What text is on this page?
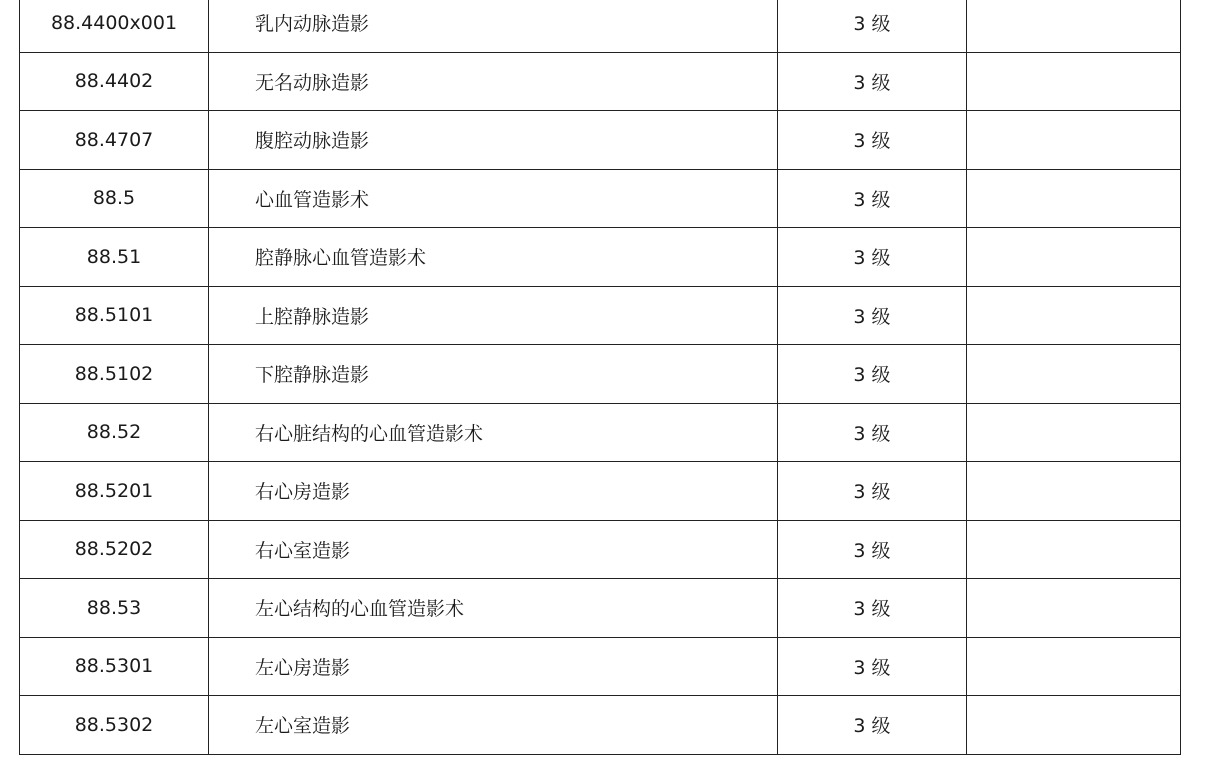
88.4400x001	乳内动脉造影	3 级	
88.4402	无名动脉造影	3 级	
88.4707	腹腔动脉造影	3 级	
88.5	心血管造影术	3 级	
88.51	腔静脉心血管造影术	3 级	
88.5101	上腔静脉造影	3 级	
88.5102	下腔静脉造影	3 级	
88.52	右心脏结构的心血管造影术	3 级	
88.5201	右心房造影	3 级	
88.5202	右心室造影	3 级	
88.53	左心结构的心血管造影术	3 级	
88.5301	左心房造影	3 级	
88.5302	左心室造影	3 级	
